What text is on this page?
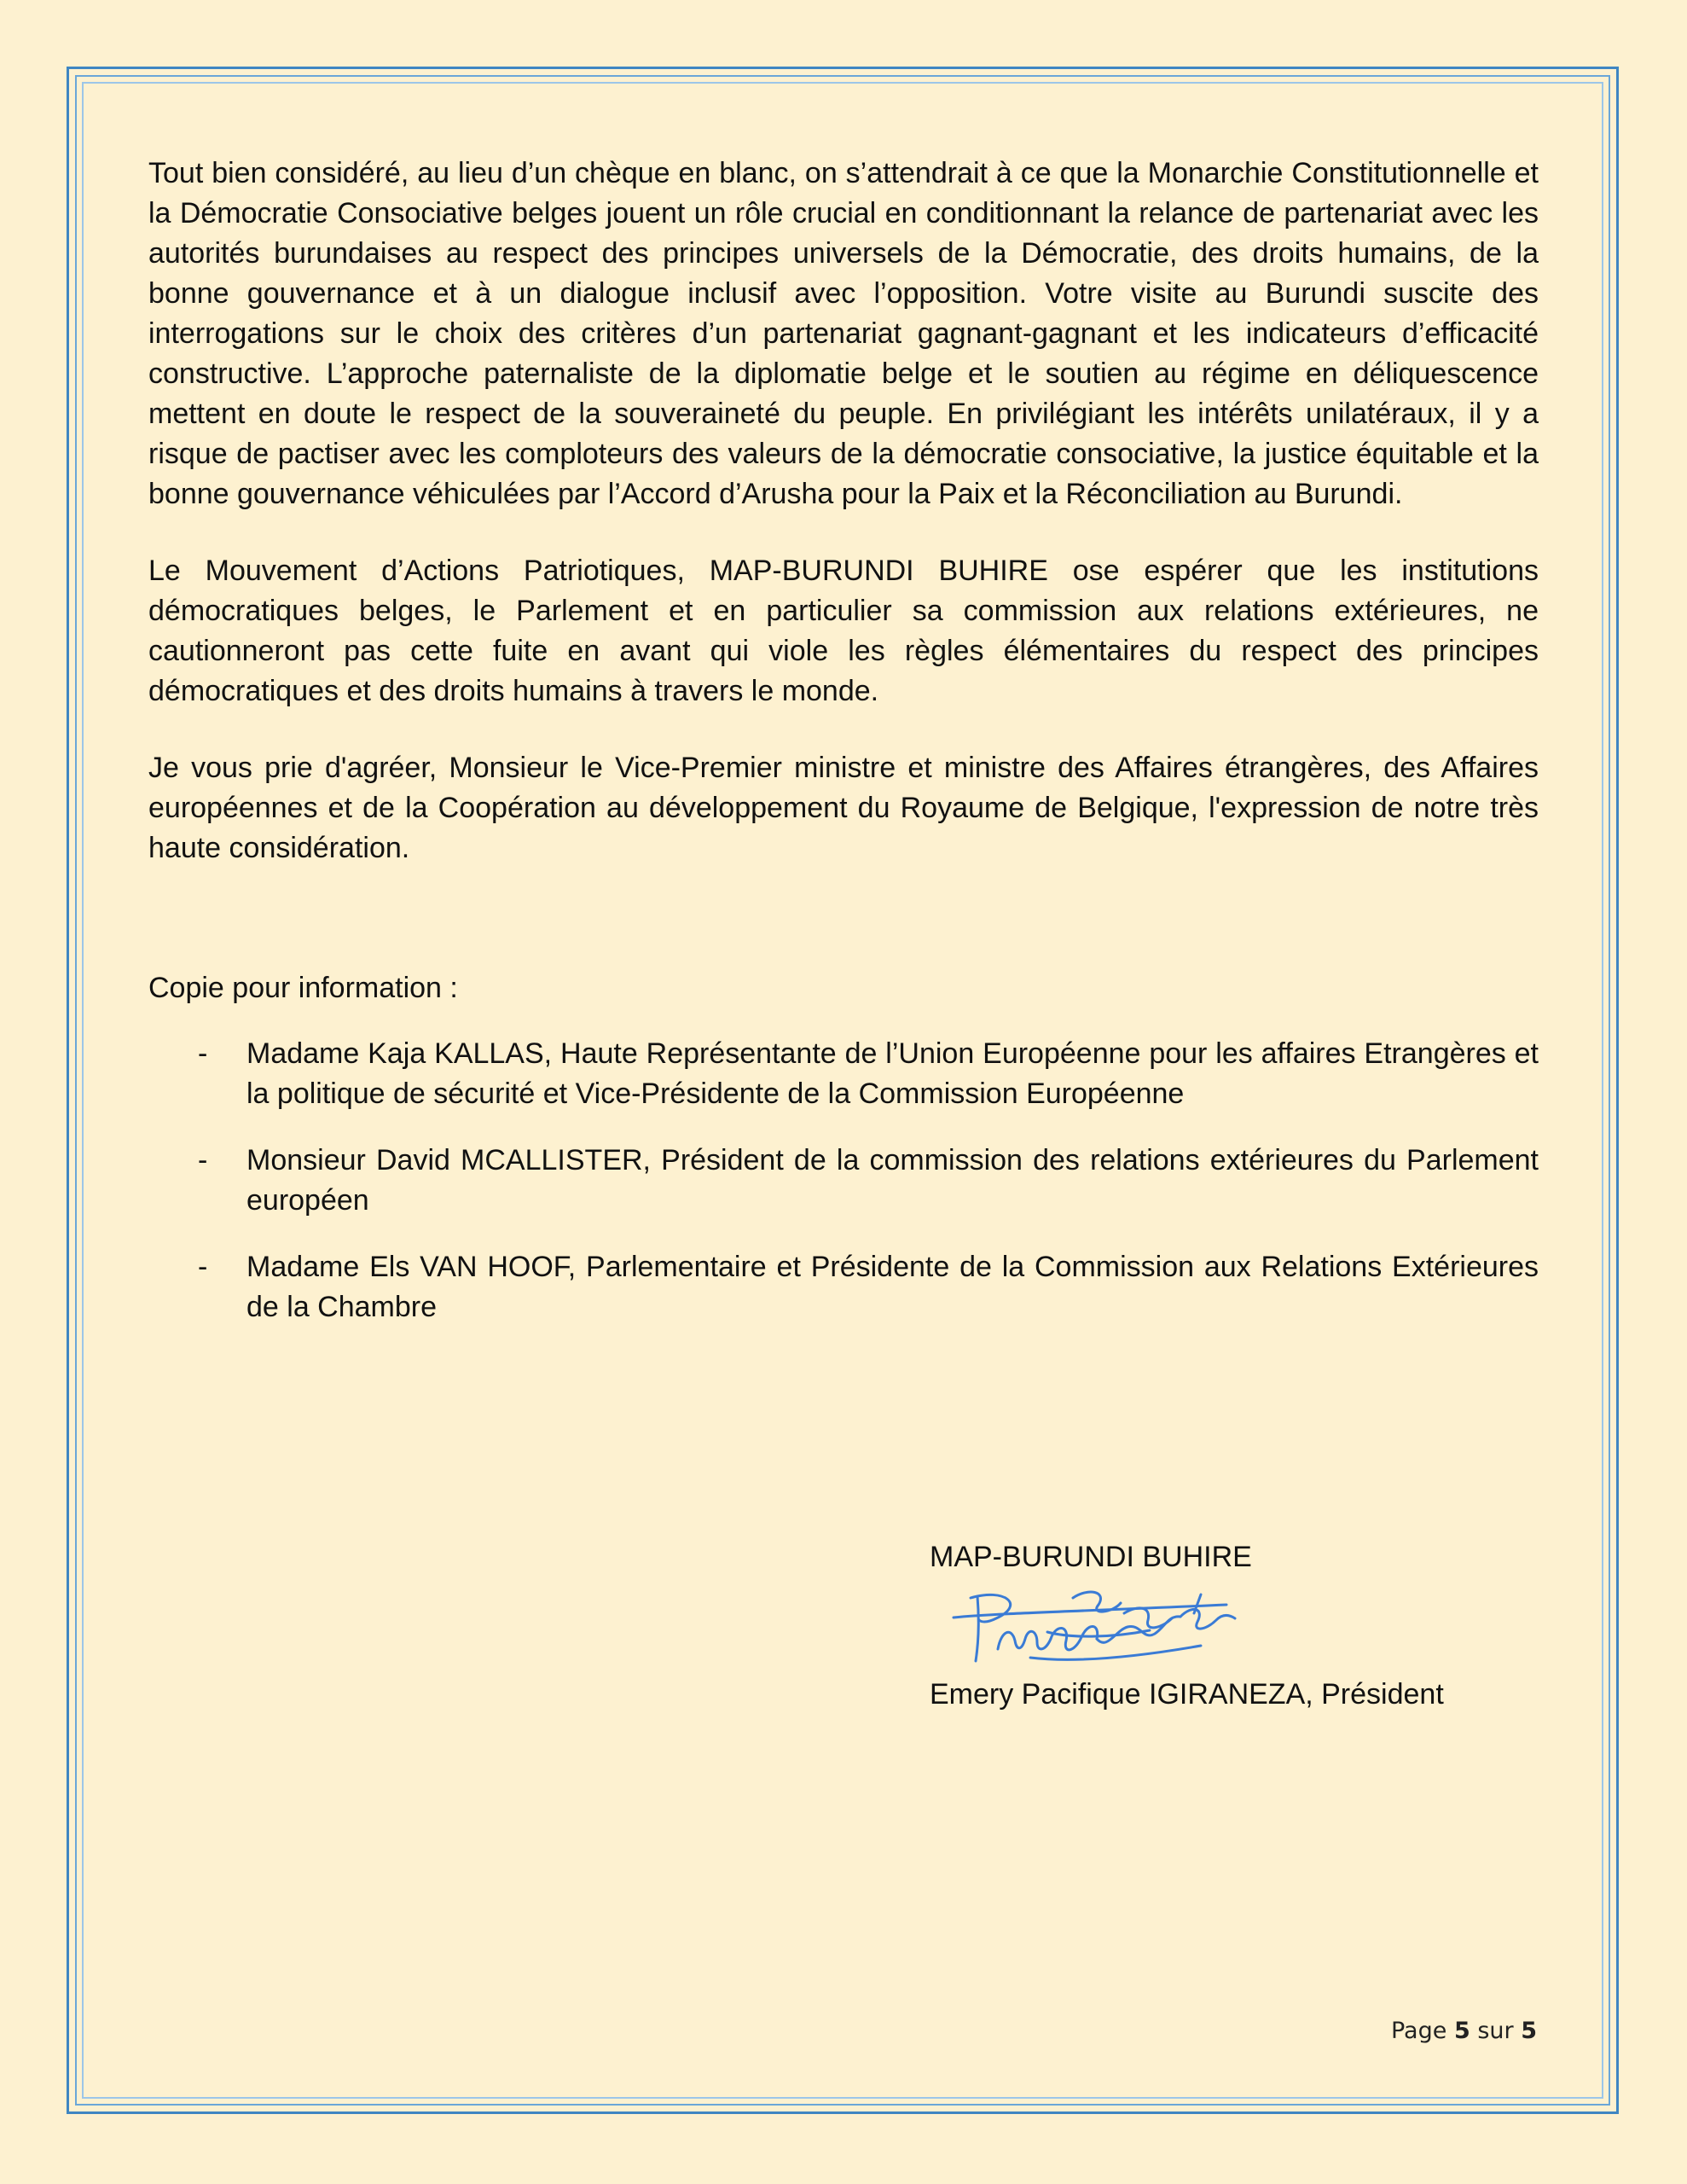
Tout bien considéré, au lieu d’un chèque en blanc, on s’attendrait à ce que la Monarchie Constitutionnelle et la Démocratie Consociative belges jouent un rôle crucial en conditionnant la relance de partenariat avec les autorités burundaises au respect des principes universels de la Démocratie, des droits humains, de la bonne gouvernance et à un dialogue inclusif avec l’opposition. Votre visite au Burundi suscite des interrogations sur le choix des critères d’un partenariat gagnant-gagnant et les indicateurs d’efficacité constructive. L’approche paternaliste de la diplomatie belge et le soutien au régime en déliquescence mettent en doute le respect de la souveraineté du peuple. En privilégiant les intérêts unilatéraux, il y a risque de pactiser avec les comploteurs des valeurs de la démocratie consociative, la justice équitable et la bonne gouvernance véhiculées par l’Accord d’Arusha pour la Paix et la Réconciliation au Burundi.

Le Mouvement d’Actions Patriotiques, MAP-BURUNDI BUHIRE ose espérer que les institutions démocratiques belges, le Parlement et en particulier sa commission aux relations extérieures, ne cautionneront pas cette fuite en avant qui viole les règles élémentaires du respect des principes démocratiques et des droits humains à travers le monde.

Je vous prie d'agréer, Monsieur le Vice-Premier ministre et ministre des Affaires étrangères, des Affaires européennes et de la Coopération au développement du Royaume de Belgique, l'expression de notre très haute considération.

Copie pour information :

- Madame Kaja KALLAS, Haute Représentante de l’Union Européenne pour les affaires Etrangères et la politique de sécurité et Vice-Présidente de la Commission Européenne
- Monsieur David MCALLISTER, Président de la commission des relations extérieures du Parlement européen
- Madame Els VAN HOOF, Parlementaire et Présidente de la Commission aux Relations Extérieures de la Chambre

MAP-BURUNDI BUHIRE

Emery Pacifique IGIRANEZA, Président

Page 5 sur 5
